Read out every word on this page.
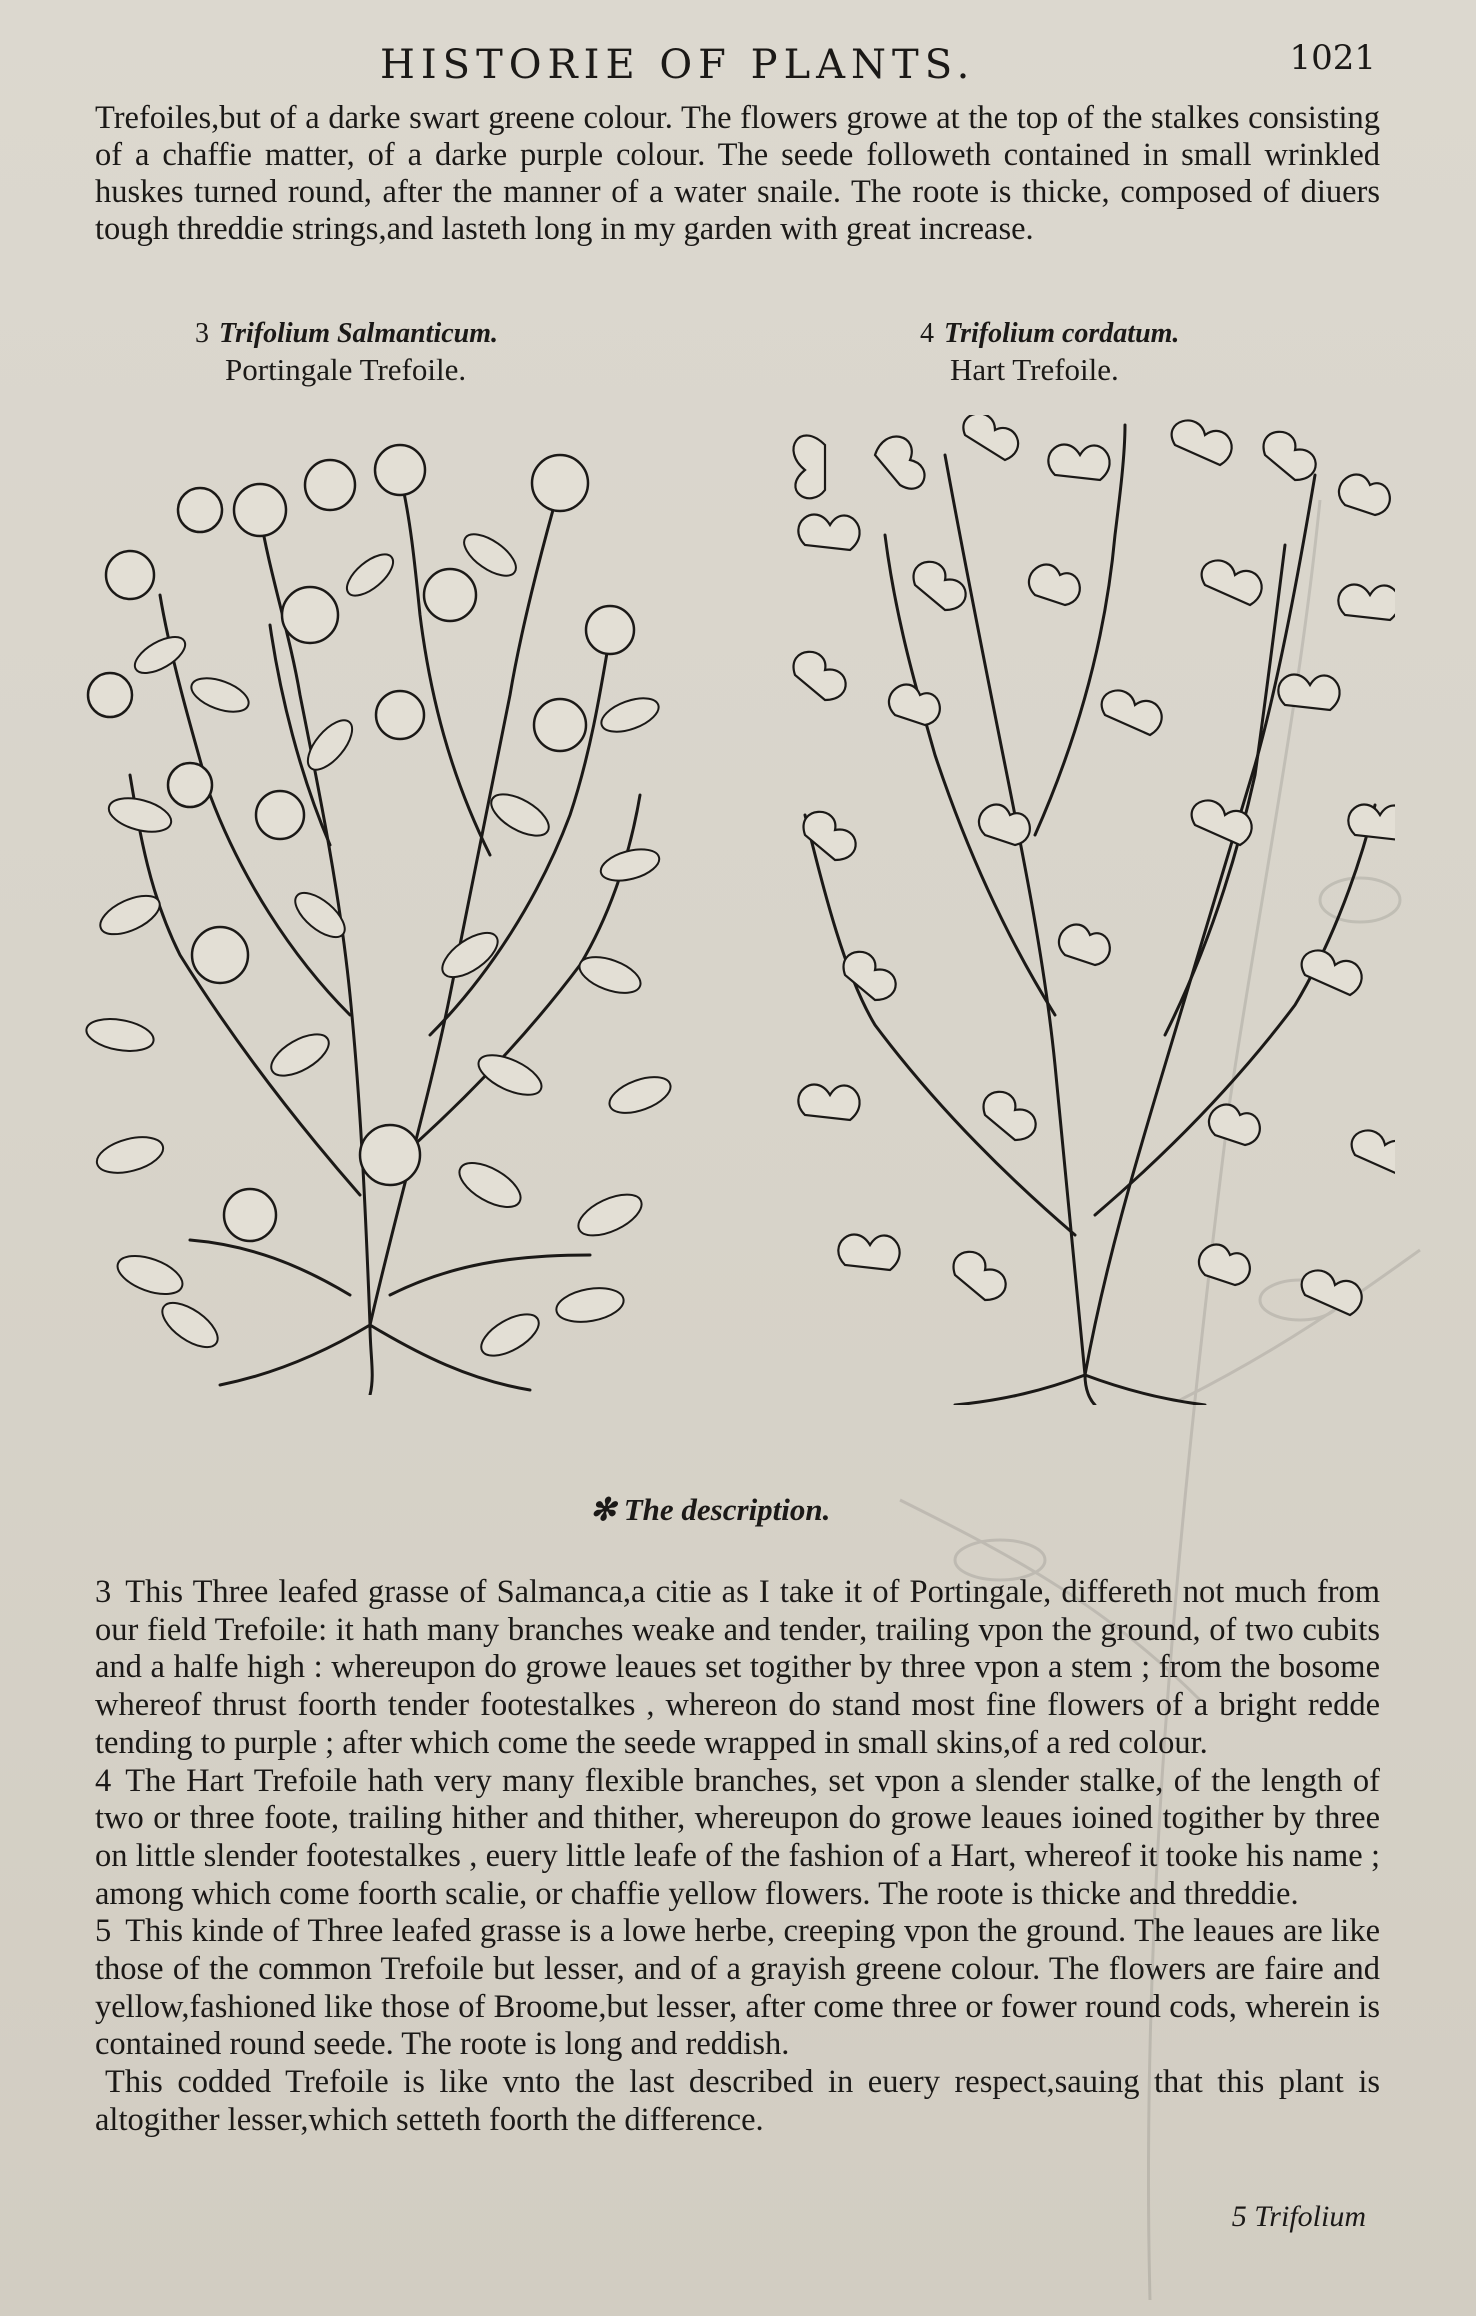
HISTORIE OF PLANTS.	1021
Trefoiles,but of a darke swart greene colour. The flowers growe at the top of the stalkes consisting of a chaffie matter, of a darke purple colour. The seede followeth contained in small wrinkled huskes turned round, after the manner of a water snaile. The roote is thicke, composed of diuers tough threddie strings,and lasteth long in my garden with great increase.
3 Trifolium Salmanticum.
Portingale Trefoile.
4 Trifolium cordatum.
Hart Trefoile.
✻ The description.

3 This Three leafed grasse of Salmanca,a citie as I take it of Portingale, differeth not much from our field Trefoile: it hath many branches weake and tender, trailing vpon the ground, of two cubits and a halfe high : whereupon do growe leaues set togither by three vpon a stem ; from the bosome whereof thrust foorth tender footestalkes , whereon do stand most fine flowers of a bright redde tending to purple ; after which come the seede wrapped in small skins,of a red colour.

4 The Hart Trefoile hath very many flexible branches, set vpon a slender stalke, of the length of two or three foote, trailing hither and thither, whereupon do growe leaues ioined togither by three on little slender footestalkes , euery little leafe of the fashion of a Hart, whereof it tooke his name ; among which come foorth scalie, or chaffie yellow flowers. The roote is thicke and threddie.

5 This kinde of Three leafed grasse is a lowe herbe, creeping vpon the ground. The leaues are like those of the common Trefoile but lesser, and of a grayish greene colour. The flowers are faire and yellow,fashioned like those of Broome,but lesser, after come three or fower round cods, wherein is contained round seede. The roote is long and reddish.

This codded Trefoile is like vnto the last described in euery respect,sauing that this plant is altogither lesser,which setteth foorth the difference.

5 Trifolium
